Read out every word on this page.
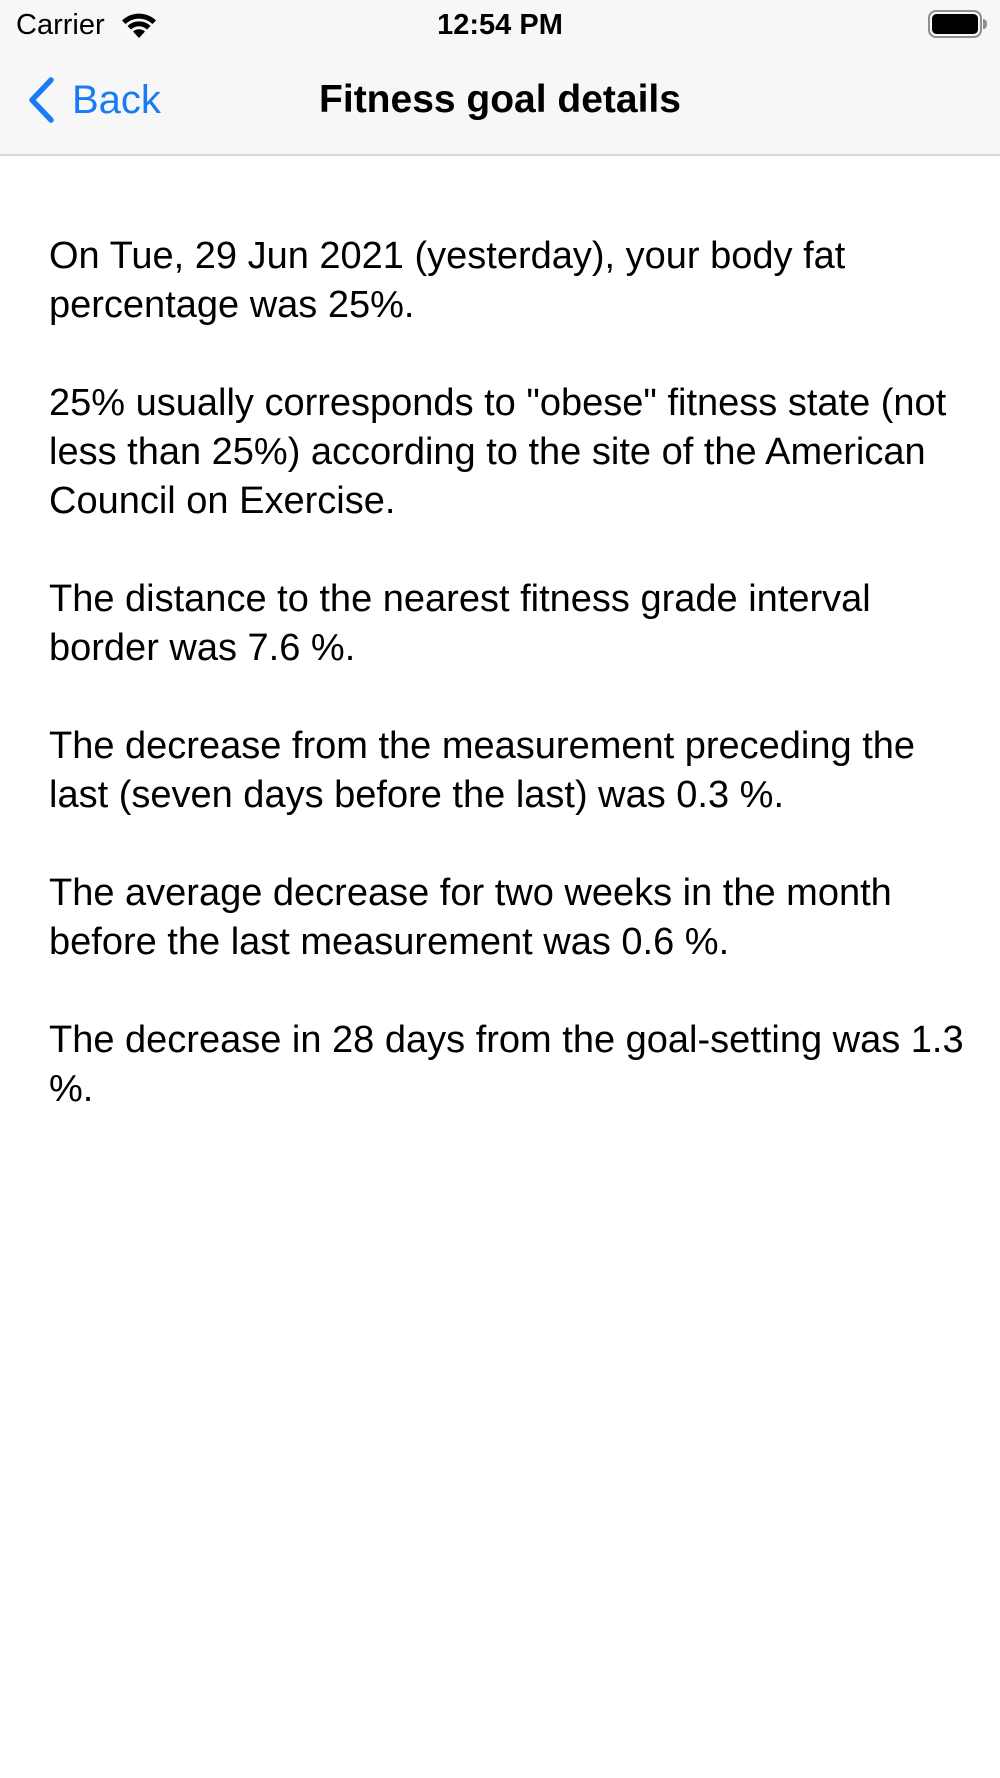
Carrier	12:54 PM
Back	Fitness goal details

On Tue, 29 Jun 2021 (yesterday), your body fat percentage was 25%.

25% usually corresponds to "obese" fitness state (not less than 25%) according to the site of the American Council on Exercise.

The distance to the nearest fitness grade interval border was 7.6 %.

The decrease from the measurement preceding the last (seven days before the last) was 0.3 %.

The average decrease for two weeks in the month before the last measurement was 0.6 %.

The decrease in 28 days from the goal-setting was 1.3 %.
